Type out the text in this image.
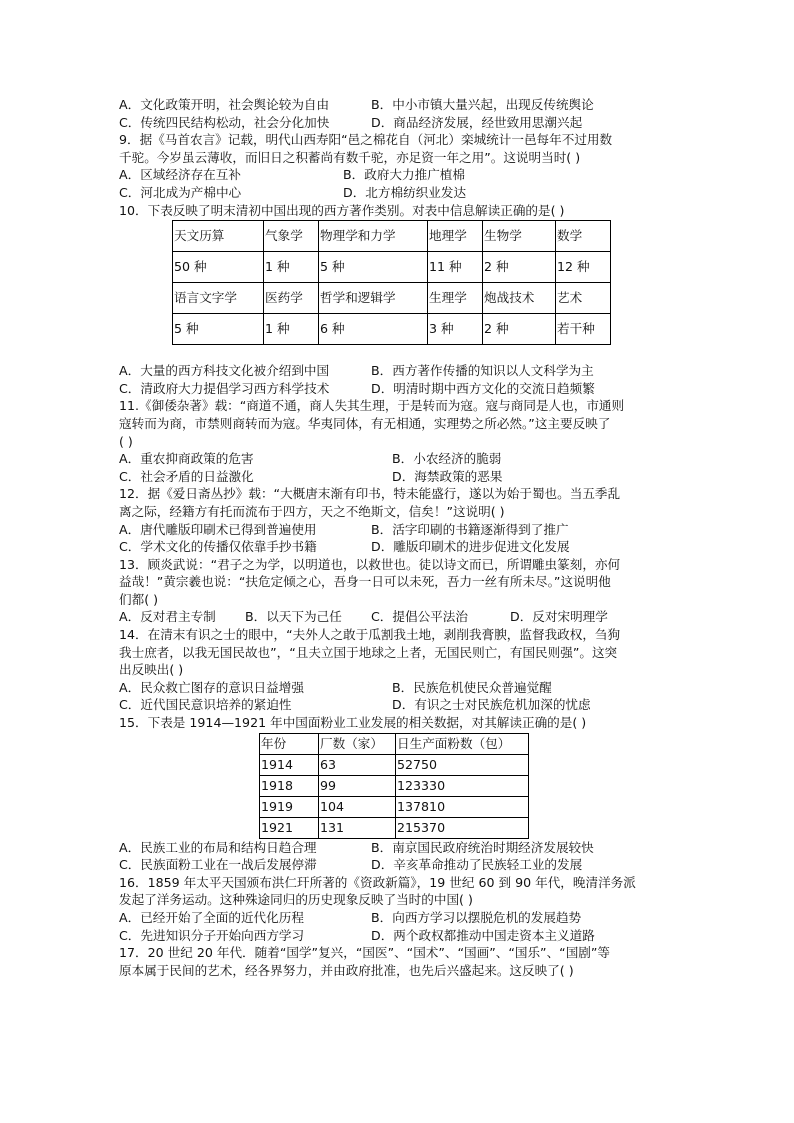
A．文化政策开明，社会舆论较为自由	B．中小市镇大量兴起，出现反传统舆论
C．传统四民结构松动，社会分化加快	D．商品经济发展，经世致用思潮兴起
9．据《马首农言》记载，明代山西寿阳“邑之棉花自（河北）栾城统计一邑每年不过用数
千驼。今岁虽云薄收，而旧日之积蓄尚有数千驼，亦足资一年之用”。这说明当时( )
A．区域经济存在互补	B．政府大力推广植棉
C．河北成为产棉中心	D．北方棉纺织业发达
10．下表反映了明末清初中国出现的西方著作类别。对表中信息解读正确的是( )
天文历算	气象学	物理学和力学	地理学	生物学	数学
50 种	1 种	5 种	11 种	2 种	12 种
语言文字学	医药学	哲学和逻辑学	生理学	炮战技术	艺术
5 种	1 种	6 种	3 种	2 种	若干种
A．大量的西方科技文化被介绍到中国	B．西方著作传播的知识以人文科学为主
C．清政府大力提倡学习西方科学技术	D．明清时期中西方文化的交流日趋频繁
11.《御倭杂著》载：“商道不通，商人失其生理，于是转而为寇。寇与商同是人也，市通则
寇转而为商，市禁则商转而为寇。华夷同体，有无相通，实理势之所必然。”这主要反映了
( )
A．重农抑商政策的危害	B．小农经济的脆弱
C．社会矛盾的日益激化	D．海禁政策的恶果
12．据《爱日斋丛抄》载：“大概唐末渐有印书，特未能盛行，遂以为始于蜀也。当五季乱
离之际，经籍方有托而流布于四方，天之不绝斯文，信矣！”这说明( )
A．唐代雕版印刷术已得到普遍使用	B．活字印刷的书籍逐渐得到了推广
C．学术文化的传播仅依靠手抄书籍	D．雕版印刷术的进步促进文化发展
13．顾炎武说：“君子之为学，以明道也，以救世也。徒以诗文而已，所谓雕虫篆刻，亦何
益哉！”黄宗羲也说：“扶危定倾之心，吾身一日可以未死，吾力一丝有所未尽。”这说明他
们都( )
A．反对君主专制	B．以天下为己任	C．提倡公平法治	D．反对宋明理学
14．在清末有识之士的眼中，“夫外人之敢于瓜割我土地，剥削我膏腴，监督我政权，刍狗
我士庶者，以我无国民故也”，“且夫立国于地球之上者，无国民则亡，有国民则强”。这突
出反映出( )
A．民众救亡图存的意识日益增强	B．民族危机使民众普遍觉醒
C．近代国民意识培养的紧迫性	D．有识之士对民族危机加深的忧虑
15．下表是 1914—1921 年中国面粉业工业发展的相关数据，对其解读正确的是( )
年份	厂数（家）	日生产面粉数（包）
1914	63	52750
1918	99	123330
1919	104	137810
1921	131	215370
A．民族工业的布局和结构日趋合理	B．南京国民政府统治时期经济发展较快
C．民族面粉工业在一战后发展停滞	D．辛亥革命推动了民族轻工业的发展
16．1859 年太平天国颁布洪仁玕所著的《资政新篇》，19 世纪 60 到 90 年代，晚清洋务派
发起了洋务运动。这种殊途同归的历史现象反映了当时的中国( )
A．已经开始了全面的近代化历程	B．向西方学习以摆脱危机的发展趋势
C．先进知识分子开始向西方学习	D．两个政权都推动中国走资本主义道路
17．20 世纪 20 年代．随着“国学”复兴，“国医”、“国术”、“国画”、“国乐”、“国剧”等
原本属于民间的艺术，经各界努力，并由政府批准，也先后兴盛起来。这反映了( )
